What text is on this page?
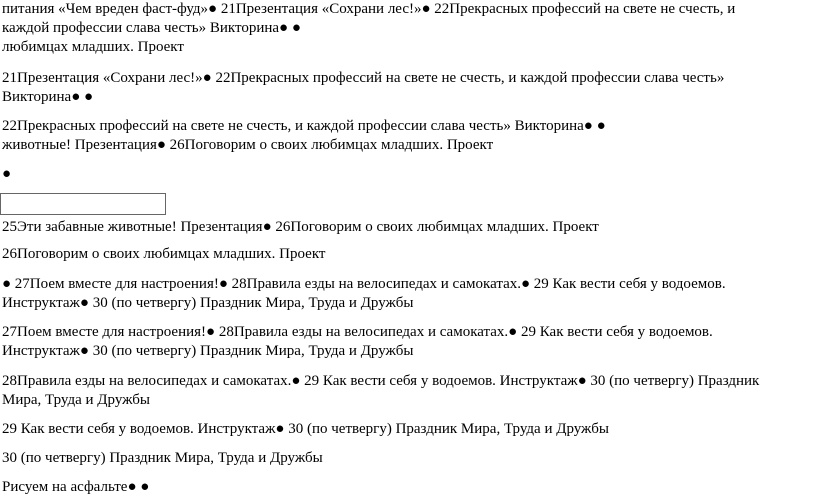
питания «Чем вреден фаст-фуд»● 21Презентация «Сохрани лес!»● 22Прекрасных профессий на свете не счесть, и
каждой профессии слава честь» Викторина● ●
любимцах младших. Проект
21Презентация «Сохрани лес!»● 22Прекрасных профессий на свете не счесть, и каждой профессии слава честь»
Викторина● ●
22Прекрасных профессий на свете не счесть, и каждой профессии слава честь» Викторина● ●
животные! Презентация● 26Поговорим о своих любимцах младших. Проект
●
25Эти забавные животные! Презентация● 26Поговорим о своих любимцах младших. Проект
26Поговорим о своих любимцах младших. Проект
● 27Поем вместе для настроения!● 28Правила езды на велосипедах и самокатах.● 29 Как вести себя у водоемов.
Инструктаж● 30 (по четвергу) Праздник Мира, Труда и Дружбы
27Поем вместе для настроения!● 28Правила езды на велосипедах и самокатах.● 29 Как вести себя у водоемов.
Инструктаж● 30 (по четвергу) Праздник Мира, Труда и Дружбы
28Правила езды на велосипедах и самокатах.● 29 Как вести себя у водоемов. Инструктаж● 30 (по четвергу) Праздник
Мира, Труда и Дружбы
29 Как вести себя у водоемов. Инструктаж● 30 (по четвергу) Праздник Мира, Труда и Дружбы
30 (по четвергу) Праздник Мира, Труда и Дружбы
Рисуем на асфальте● ●
